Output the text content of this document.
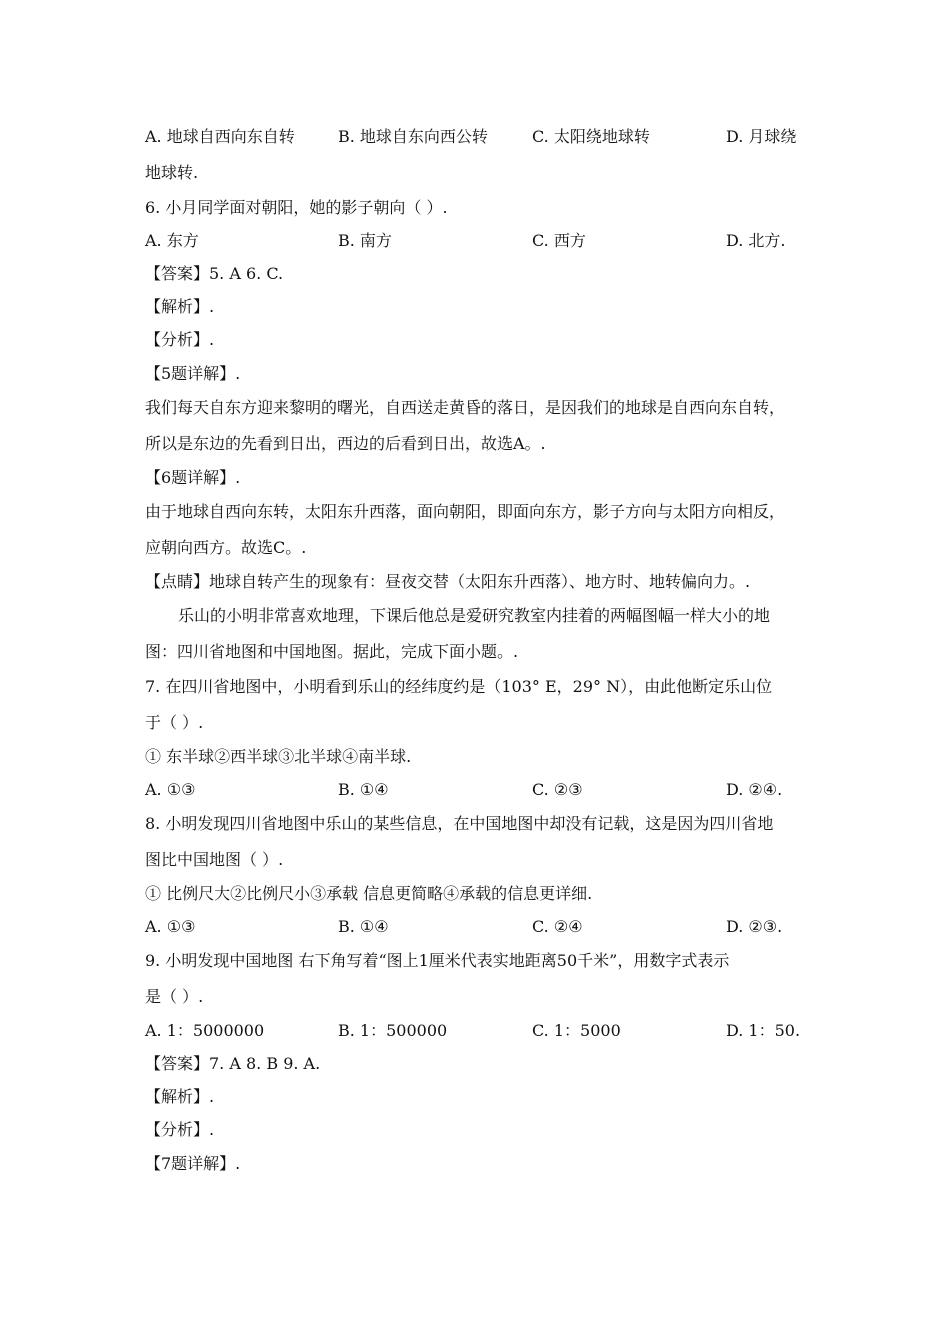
A. 地球自西向东自转	B. 地球自东向西公转	C. 太阳绕地球转	D. 月球绕
地球转.
6. 小月同学面对朝阳，她的影子朝向（ ）.
A. 东方	B. 南方	C. 西方	D. 北方.
【答案】5. A 6. C.
【解析】.
【分析】.
【5题详解】.
我们每天自东方迎来黎明的曙光，自西送走黄昏的落日，是因我们的地球是自西向东自转，
所以是东边的先看到日出，西边的后看到日出，故选A。.
【6题详解】.
由于地球自西向东转，太阳东升西落，面向朝阳，即面向东方，影子方向与太阳方向相反，
应朝向西方。故选C。.
【点睛】地球自转产生的现象有：昼夜交替（太阳东升西落）、地方时、地转偏向力。.
乐山的小明非常喜欢地理，下课后他总是爱研究教室内挂着的两幅图幅一样大小的地
图：四川省地图和中国地图。据此，完成下面小题。.
7. 在四川省地图中，小明看到乐山的经纬度约是（103° E，29° N），由此他断定乐山位
于（ ）.
① 东半球②西半球③北半球④南半球.
A. ①③	B. ①④	C. ②③	D. ②④.
8. 小明发现四川省地图中乐山的某些信息，在中国地图中却没有记载，这是因为四川省地
图比中国地图（ ）.
① 比例尺大②比例尺小③承载 信息更简略④承载的信息更详细.
A. ①③	B. ①④	C. ②④	D. ②③.
9. 小明发现中国地图 右下角写着“图上1厘米代表实地距离50千米”，用数字式表示
是（ ）.
A. 1：5000000	B. 1：500000	C. 1：5000	D. 1：50.
【答案】7. A 8. B 9. A.
【解析】.
【分析】.
【7题详解】.
